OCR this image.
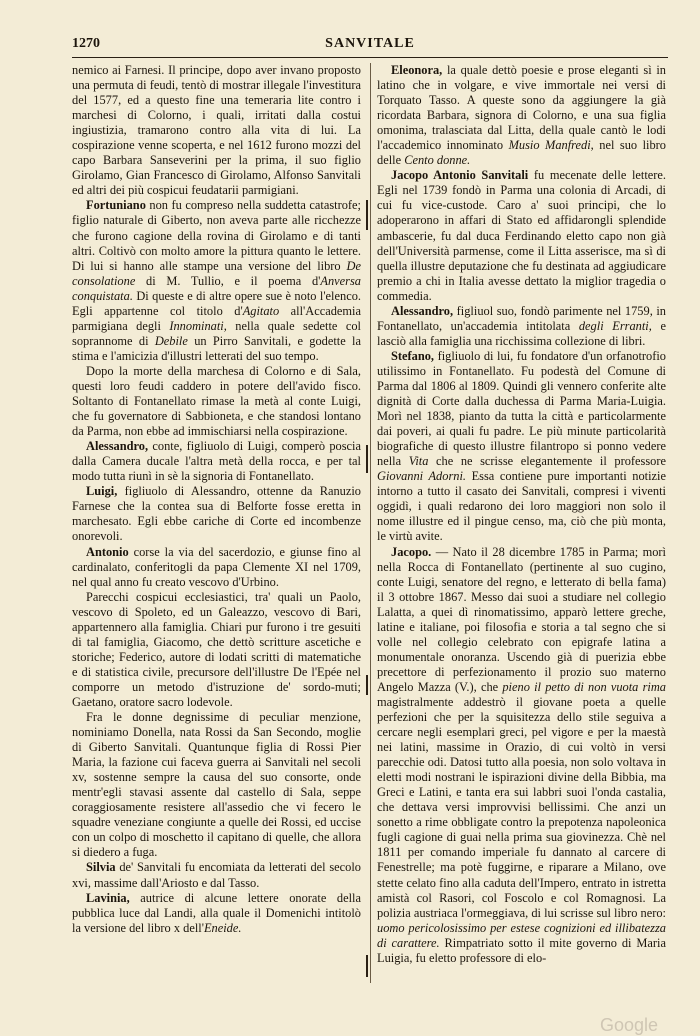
1270	SANVITALE

nemico ai Farnesi. Il principe, dopo aver invano proposto una permuta di feudi, tentò di mostrar illegale l'investitura del 1577, ed a questo fine una temeraria lite contro i marchesi di Colorno, i quali, irritati dalla costui ingiustizia, tramarono contro alla vita di lui. La cospirazione venne scoperta, e nel 1612 furono mozzi del capo Barbara Sanseverini per la prima, il suo figlio Girolamo, Gian Francesco di Girolamo, Alfonso Sanvitali ed altri dei più cospicui feudatarii parmigiani.

Fortuniano non fu compreso nella suddetta catastrofe; figlio naturale di Giberto, non aveva parte alle ricchezze che furono cagione della rovina di Girolamo e di tanti altri. Coltivò con molto amore la pittura quanto le lettere. Di lui si hanno alle stampe una versione del libro De consolatione di M. Tullio, e il poema d'Anversa conquistata. Di queste e di altre opere sue è noto l'elenco. Egli appartenne col titolo d'Agitato all'Accademia parmigiana degli Innominati, nella quale sedette col soprannome di Debile un Pirro Sanvitali, e godette la stima e l'amicizia d'illustri letterati del suo tempo.

Dopo la morte della marchesa di Colorno e di Sala, questi loro feudi caddero in potere dell'avido fisco. Soltanto di Fontanellato rimase la metà al conte Luigi, che fu governatore di Sabbioneta, e che standosi lontano da Parma, non ebbe ad immischiarsi nella cospirazione.

Alessandro, conte, figliuolo di Luigi, comperò poscia dalla Camera ducale l'altra metà della rocca, e per tal modo tutta riunì in sè la signoria di Fontanellato.

Luigi, figliuolo di Alessandro, ottenne da Ranuzio Farnese che la contea sua di Belforte fosse eretta in marchesato. Egli ebbe cariche di Corte ed incombenze onorevoli.

Antonio corse la via del sacerdozio, e giunse fino al cardinalato, conferitogli da papa Clemente XI nel 1709, nel qual anno fu creato vescovo d'Urbino.

Parecchi cospicui ecclesiastici, tra' quali un Paolo, vescovo di Spoleto, ed un Galeazzo, vescovo di Bari, appartennero alla famiglia. Chiari pur furono i tre gesuiti di tal famiglia, Giacomo, che dettò scritture ascetiche e storiche; Federico, autore di lodati scritti di matematiche e di statistica civile, precursore dell'illustre De l'Epée nel comporre un metodo d'istruzione de' sordo-muti; Gaetano, oratore sacro lodevole.

Fra le donne degnissime di peculiar menzione, nominiamo Donella, nata Rossi da San Secondo, moglie di Giberto Sanvitali. Quantunque figlia di Rossi Pier Maria, la fazione cui faceva guerra ai Sanvitali nel secoli xv, sostenne sempre la causa del suo consorte, onde mentr'egli stavasi assente dal castello di Sala, seppe coraggiosamente resistere all'assedio che vi fecero le squadre veneziane congiunte a quelle dei Rossi, ed uccise con un colpo di moschetto il capitano di quelle, che allora si diedero a fuga.

Silvia de' Sanvitali fu encomiata da letterati del secolo xvi, massime dall'Ariosto e dal Tasso.

Lavinia, autrice di alcune lettere onorate della pubblica luce dal Landi, alla quale il Domenichi intitolò la versione del libro x dell'Eneide.

Eleonora, la quale dettò poesie e prose eleganti sì in latino che in volgare, e vive immortale nei versi di Torquato Tasso. A queste sono da aggiungere la già ricordata Barbara, signora di Colorno, e una sua figlia omonima, tralasciata dal Litta, della quale cantò le lodi l'accademico innominato Musio Manfredi, nel suo libro delle Cento donne.

Jacopo Antonio Sanvitali fu mecenate delle lettere. Egli nel 1739 fondò in Parma una colonia di Arcadi, di cui fu vice-custode. Caro a' suoi principi, che lo adoperarono in affari di Stato ed affidarongli splendide ambascerie, fu dal duca Ferdinando eletto capo non già dell'Università parmense, come il Litta asserisce, ma sì di quella illustre deputazione che fu destinata ad aggiudicare premio a chi in Italia avesse dettato la miglior tragedia o commedia.

Alessandro, figliuol suo, fondò parimente nel 1759, in Fontanellato, un'accademia intitolata degli Erranti, e lasciò alla famiglia una ricchissima collezione di libri.

Stefano, figliuolo di lui, fu fondatore d'un orfanotrofio utilissimo in Fontanellato. Fu podestà del Comune di Parma dal 1806 al 1809. Quindi gli vennero conferite alte dignità di Corte dalla duchessa di Parma Maria-Luigia. Morì nel 1838, pianto da tutta la città e particolarmente dai poveri, ai quali fu padre. Le più minute particolarità biografiche di questo illustre filantropo si ponno vedere nella Vita che ne scrisse elegantemente il professore Giovanni Adorni. Essa contiene pure importanti notizie intorno a tutto il casato dei Sanvitali, compresi i viventi oggidì, i quali redarono dei loro maggiori non solo il nome illustre ed il pingue censo, ma, ciò che più monta, le virtù avite.

Jacopo. — Nato il 28 dicembre 1785 in Parma; morì nella Rocca di Fontanellato (pertinente al suo cugino, conte Luigi, senatore del regno, e letterato di bella fama) il 3 ottobre 1867. Messo dai suoi a studiare nel collegio Lalatta, a quei dì rinomatissimo, apparò lettere greche, latine e italiane, poi filosofia e storia a tal segno che si volle nel collegio celebrato con epigrafe latina a monumentale onoranza. Uscendo già di puerizia ebbe precettore di perfezionamento il prozio suo materno Angelo Mazza (V.), che pieno il petto di non vuota rima magistralmente addestrò il giovane poeta a quelle perfezioni che per la squisitezza dello stile seguiva a cercare negli esemplari greci, pel vigore e per la maestà nei latini, massime in Orazio, di cui voltò in versi parecchie odi. Datosi tutto alla poesia, non solo voltava in eletti modi nostrani le ispirazioni divine della Bibbia, ma Greci e Latini, e tanta era sui labbri suoi l'onda castalia, che dettava versi improvvisi bellissimi. Che anzi un sonetto a rime obbligate contro la prepotenza napoleonica fugli cagione di guai nella prima sua giovinezza. Chè nel 1811 per comando imperiale fu dannato al carcere di Fenestrelle; ma potè fuggirne, e riparare a Milano, ove stette celato fino alla caduta dell'Impero, entrato in istretta amistà col Rasori, col Foscolo e col Romagnosi. La polizia austriaca l'ormeggiava, di lui scrisse sul libro nero: uomo pericolosissimo per estese cognizioni ed illibatezza di carattere. Rimpatriato sotto il mite governo di Maria Luigia, fu eletto professore di elo-

Google
